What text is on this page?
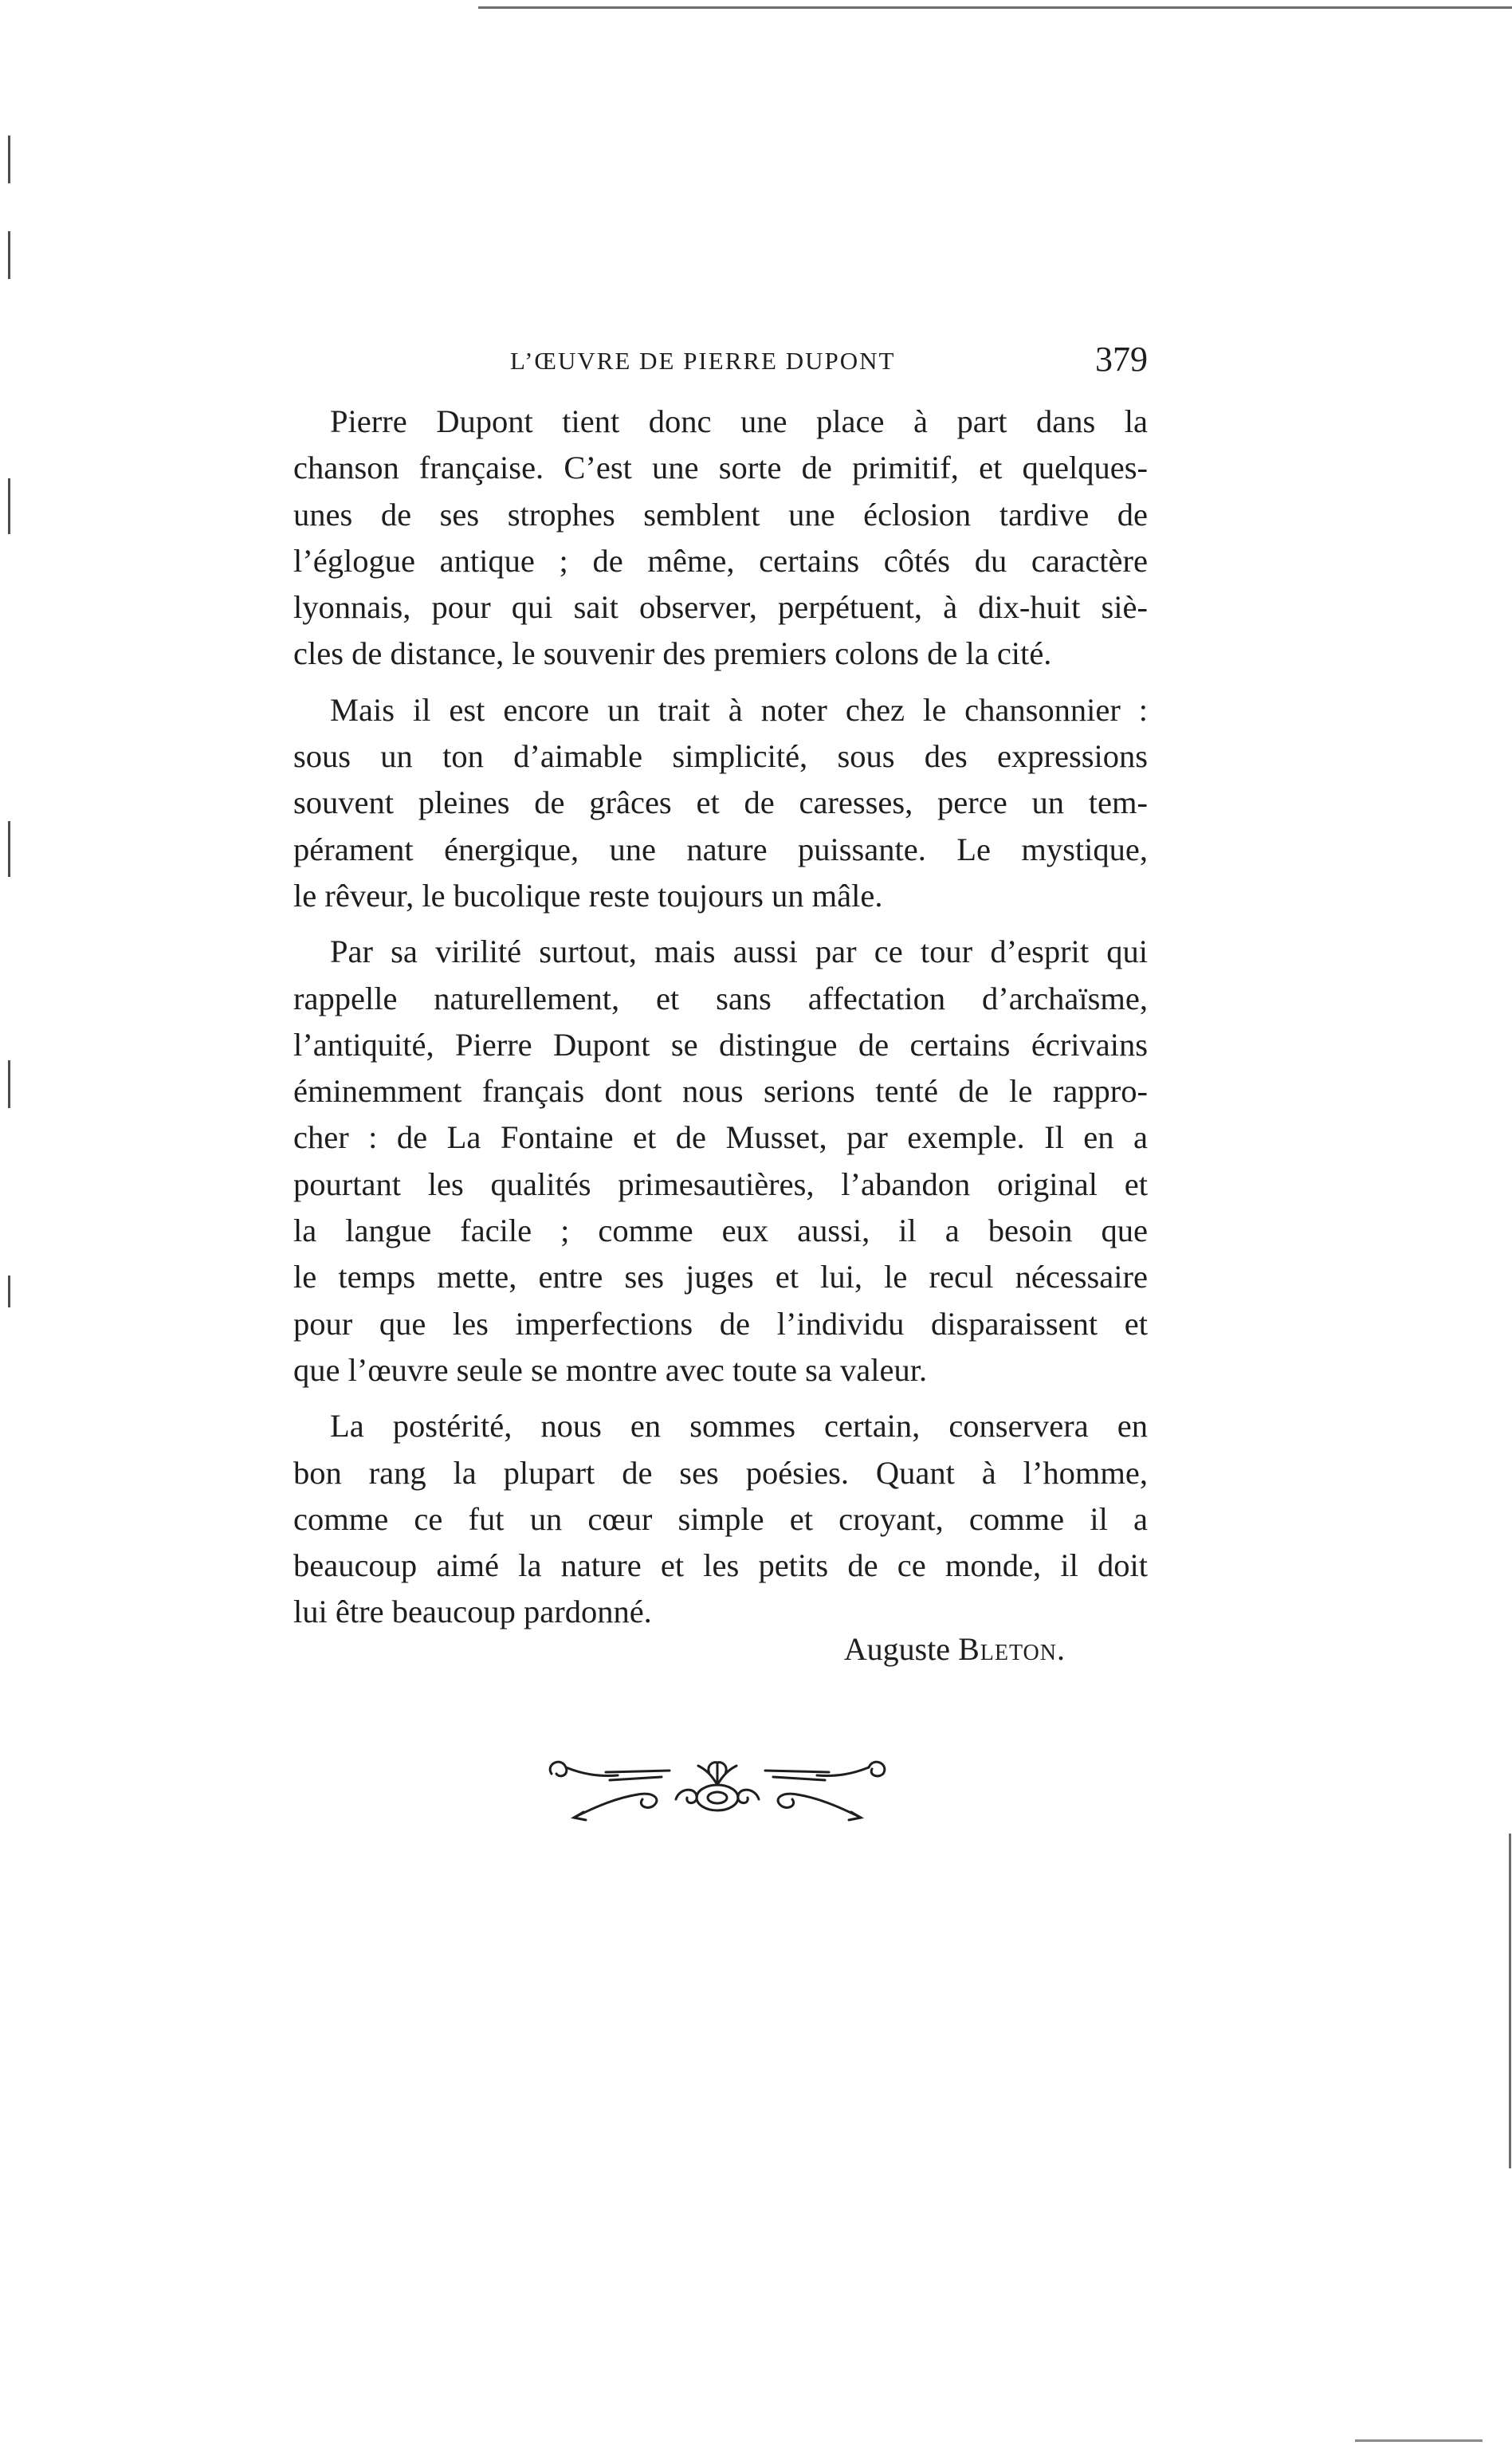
L’ŒUVRE DE PIERRE DUPONT	379
Pierre Dupont tient donc une place à part dans la
chanson française. C’est une sorte de primitif, et quelques-
unes de ses strophes semblent une éclosion tardive de
l’églogue antique ; de même, certains côtés du caractère
lyonnais, pour qui sait observer, perpétuent, à dix-huit siè-
cles de distance, le souvenir des premiers colons de la cité.
Mais il est encore un trait à noter chez le chansonnier :
sous un ton d’aimable simplicité, sous des expressions
souvent pleines de grâces et de caresses, perce un tem-
pérament énergique, une nature puissante. Le mystique,
le rêveur, le bucolique reste toujours un mâle.
Par sa virilité surtout, mais aussi par ce tour d’esprit qui
rappelle naturellement, et sans affectation d’archaïsme,
l’antiquité, Pierre Dupont se distingue de certains écrivains
éminemment français dont nous serions tenté de le rappro-
cher : de La Fontaine et de Musset, par exemple. Il en a
pourtant les qualités primesautières, l’abandon original et
la langue facile ; comme eux aussi, il a besoin que
le temps mette, entre ses juges et lui, le recul nécessaire
pour que les imperfections de l’individu disparaissent et
que l’œuvre seule se montre avec toute sa valeur.
La postérité, nous en sommes certain, conservera en
bon rang la plupart de ses poésies. Quant à l’homme,
comme ce fut un cœur simple et croyant, comme il a
beaucoup aimé la nature et les petits de ce monde, il doit
lui être beaucoup pardonné.
Auguste Bleton.
